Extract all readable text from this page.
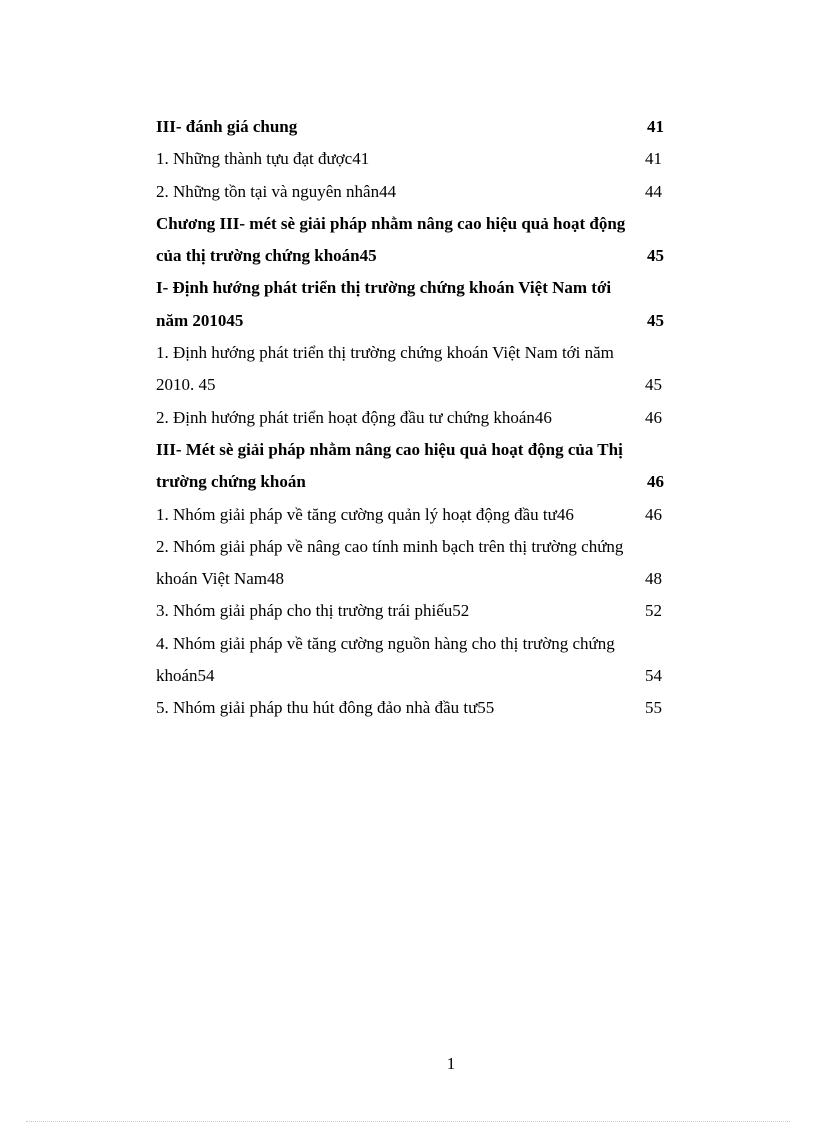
III- đánh giá chung	41
1. Những thành tựu đạt được41	41
2. Những tồn tại và nguyên nhân44	44
Chương III- mét sè giải pháp nhằm nâng cao hiệu quả hoạt động của thị trường chứng khoán45	45
I- Định hướng phát triển thị trường chứng khoán Việt Nam tới năm 201045	45
1. Định hướng phát triển thị trường chứng khoán Việt Nam tới năm 2010. 45	45
2. Định hướng phát triển hoạt động đầu tư chứng khoán46	46
III- Mét sè giải pháp nhằm nâng cao hiệu quả hoạt động của Thị trường chứng khoán	46
1. Nhóm giải pháp về tăng cường quản lý hoạt động đầu tư46	46
2. Nhóm giải pháp về nâng cao tính minh bạch trên thị trường chứng khoán Việt Nam48	48
3. Nhóm giải pháp cho thị trường trái phiếu52	52
4. Nhóm giải pháp về tăng cường nguồn hàng cho thị trường chứng khoán54	54
5. Nhóm giải pháp thu hút đông đảo nhà đầu tư55	55
1
